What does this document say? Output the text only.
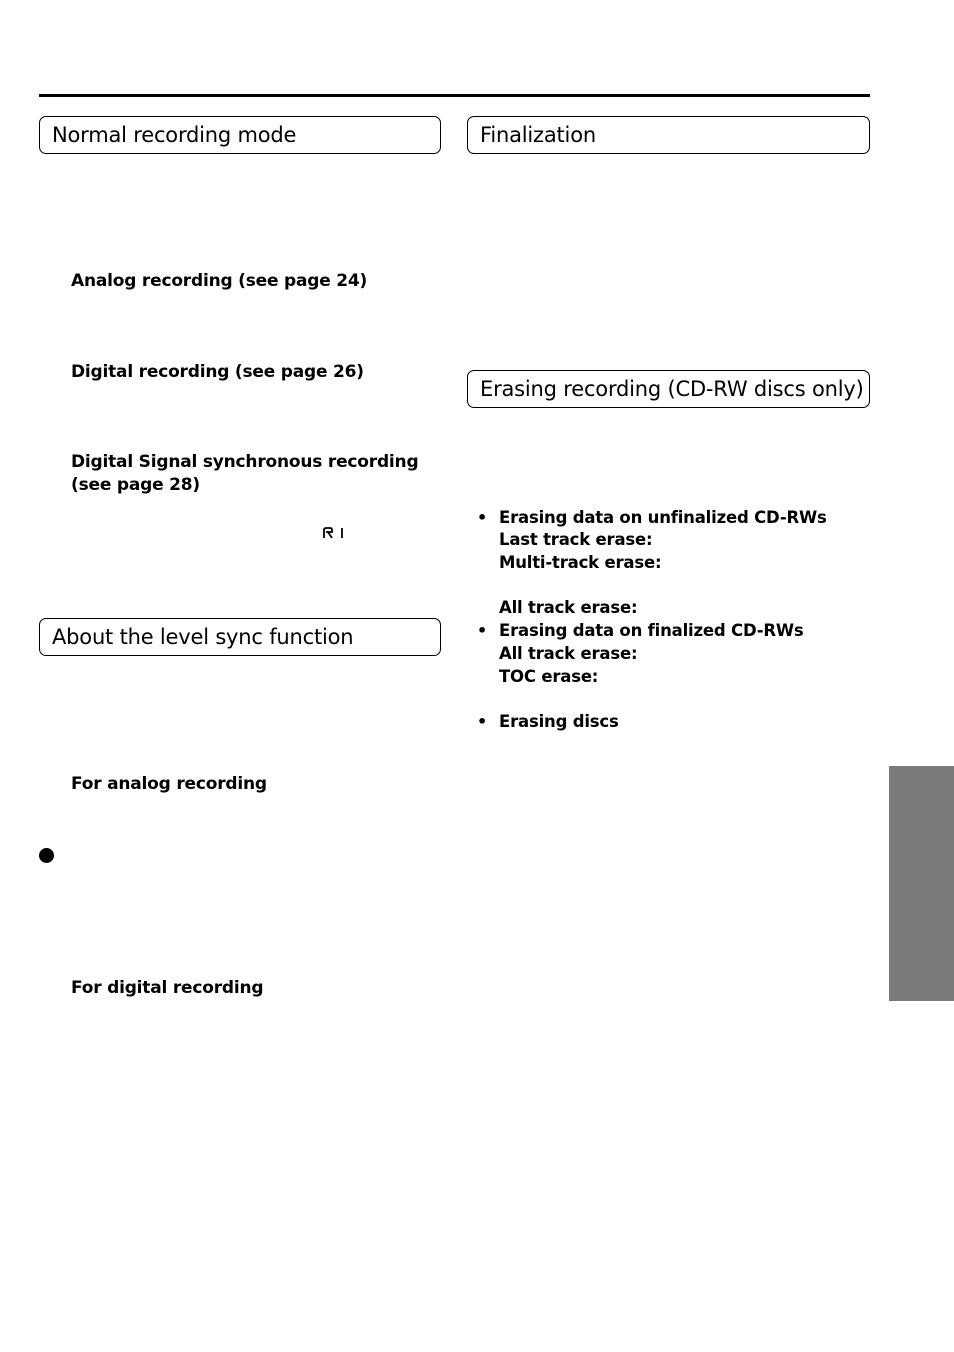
Normal recording mode
Analog recording (see page 24)
Digital recording (see page 26)
Digital Signal synchronous recording
(see page 28)
About the level sync function
For analog recording
For digital recording
Finalization
Erasing recording (CD-RW discs only)
• Erasing data on unfinalized CD-RWs
Last track erase:
Multi-track erase:
All track erase:
• Erasing data on finalized CD-RWs
All track erase:
TOC erase:
• Erasing discs
